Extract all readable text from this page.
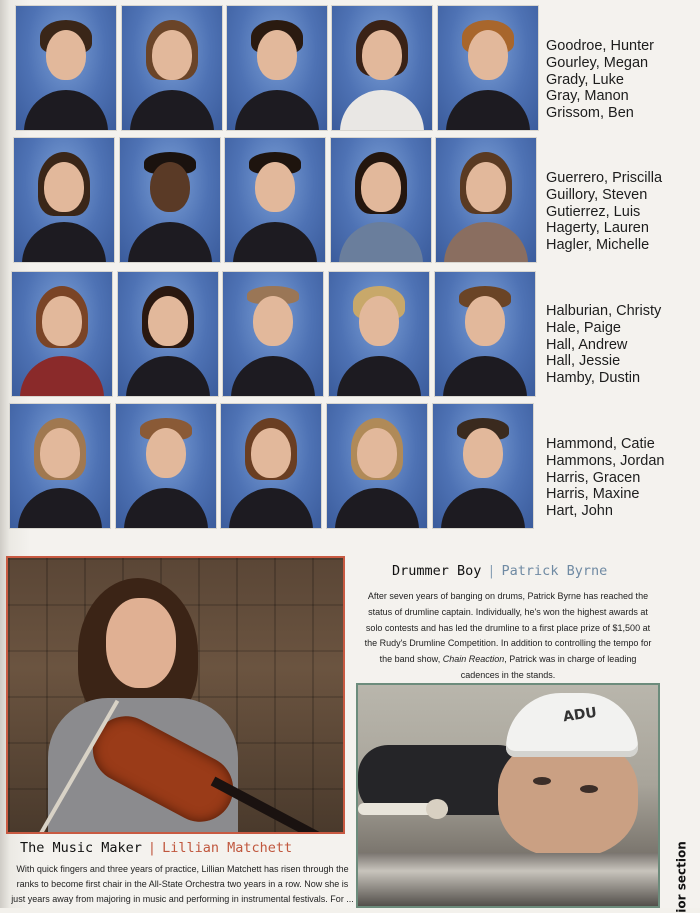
Goodroe, Hunter
Gourley, Megan
Grady, Luke
Gray, Manon
Grissom, Ben
Guerrero, Priscilla
Guillory, Steven
Gutierrez, Luis
Hagerty, Lauren
Hagler, Michelle
Halburian, Christy
Hale, Paige
Hall, Andrew
Hall, Jessie
Hamby, Dustin
Hammond, Catie
Hammons, Jordan
Harris, Gracen
Harris, Maxine
Hart, John
The Music Maker | Lillian Matchett
With quick fingers and three years of practice, Lillian Matchett has risen through the ranks to become first chair in the All-State Orchestra two years in a row. Now she is just years away from majoring in music and performing in instrumental festivals. For ...
Drummer Boy | Patrick Byrne
After seven years of banging on drums, Patrick Byrne has reached the status of drumline captain. Individually, he's won the highest awards at solo contests and has led the drumline to a first place prize of $1,500 at the Rudy's Drumline Competition. In addition to controlling the tempo for the band show, Chain Reaction, Patrick was in charge of leading cadences in the stands.
ADU
ior section
